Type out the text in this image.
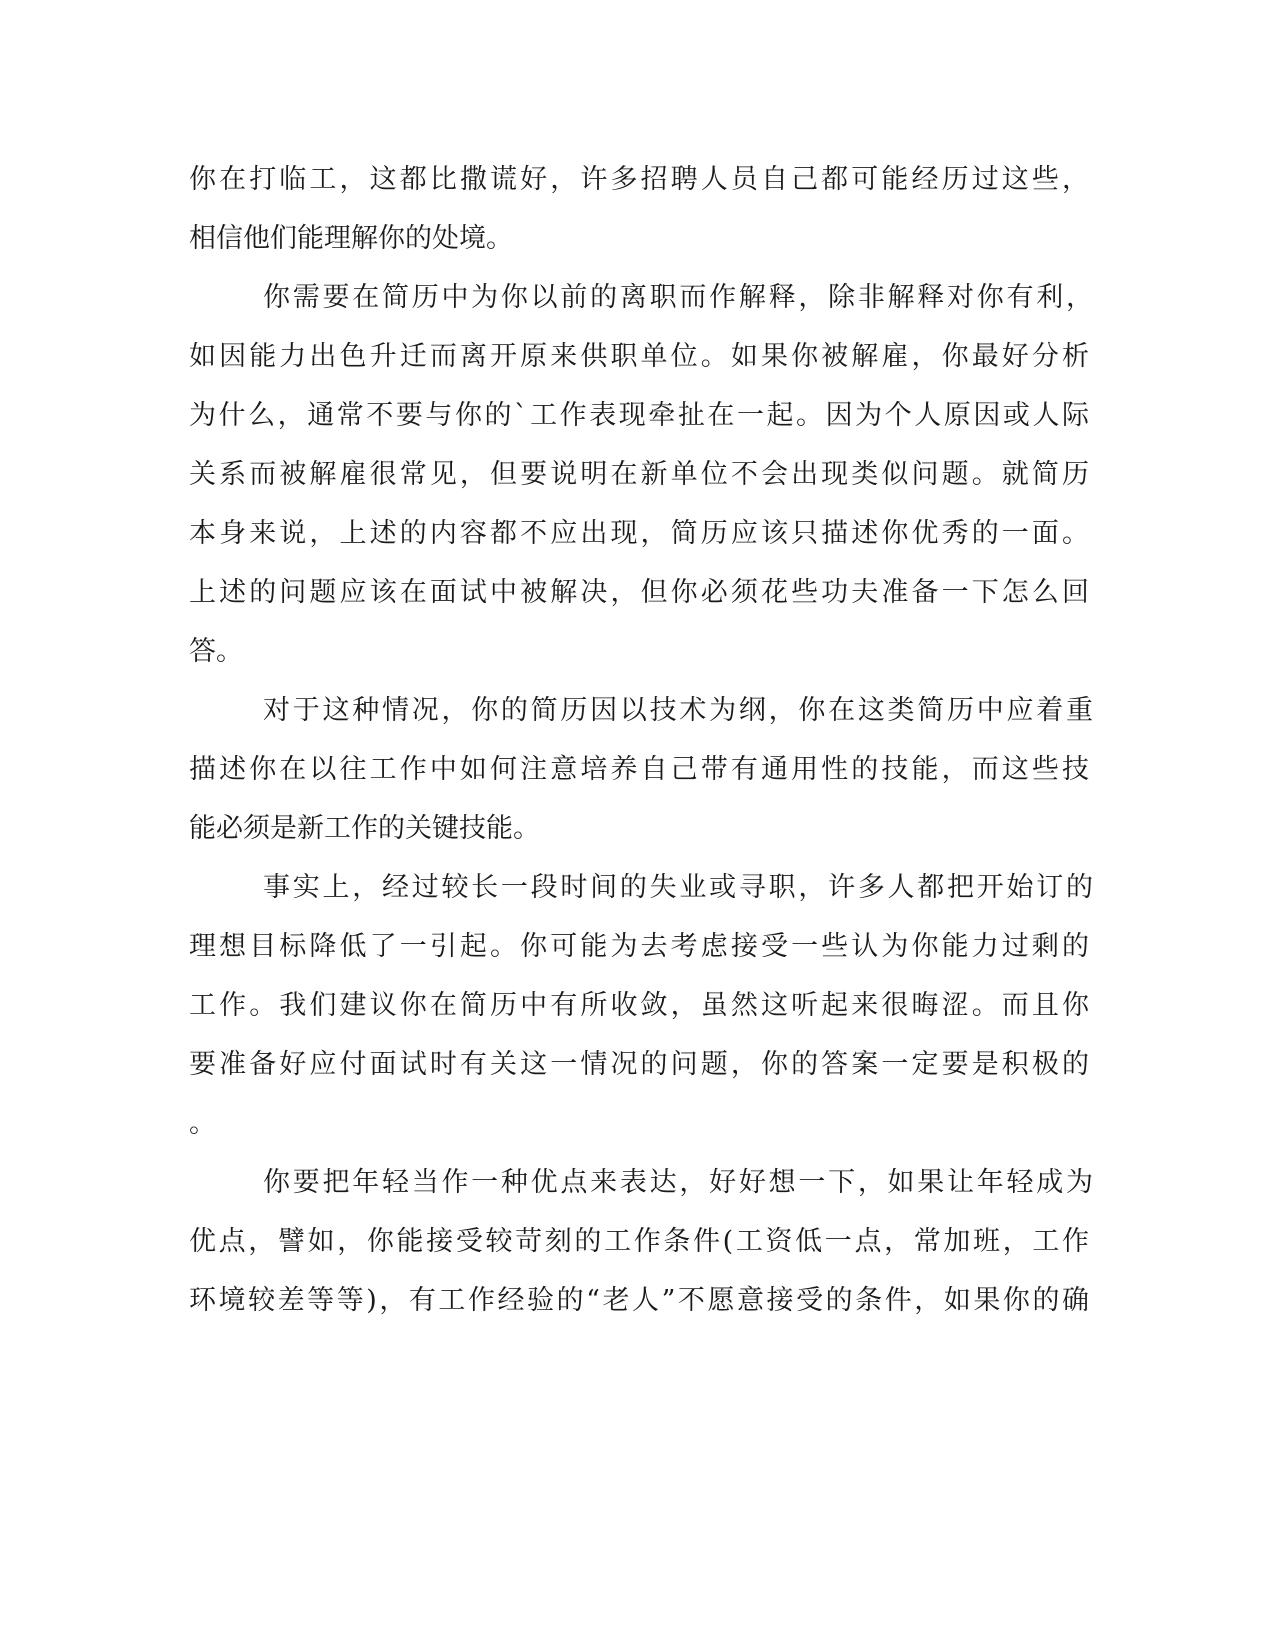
你在打临工，这都比撒谎好，许多招聘人员自己都可能经历过这些，
相信他们能理解你的处境。
你需要在简历中为你以前的离职而作解释，除非解释对你有利，
如因能力出色升迁而离开原来供职单位。如果你被解雇，你最好分析
为什么，通常不要与你的`工作表现牵扯在一起。因为个人原因或人际
关系而被解雇很常见，但要说明在新单位不会出现类似问题。就简历
本身来说，上述的内容都不应出现，简历应该只描述你优秀的一面。
上述的问题应该在面试中被解决，但你必须花些功夫准备一下怎么回
答。
对于这种情况，你的简历因以技术为纲，你在这类简历中应着重
描述你在以往工作中如何注意培养自己带有通用性的技能，而这些技
能必须是新工作的关键技能。
事实上，经过较长一段时间的失业或寻职，许多人都把开始订的
理想目标降低了一引起。你可能为去考虑接受一些认为你能力过剩的
工作。我们建议你在简历中有所收敛，虽然这听起来很晦涩。而且你
要准备好应付面试时有关这一情况的问题，你的答案一定要是积极的
。
你要把年轻当作一种优点来表达，好好想一下，如果让年轻成为
优点，譬如，你能接受较苛刻的工作条件(工资低一点，常加班，工作
环境较差等等)，有工作经验的“老人”不愿意接受的条件，如果你的确
